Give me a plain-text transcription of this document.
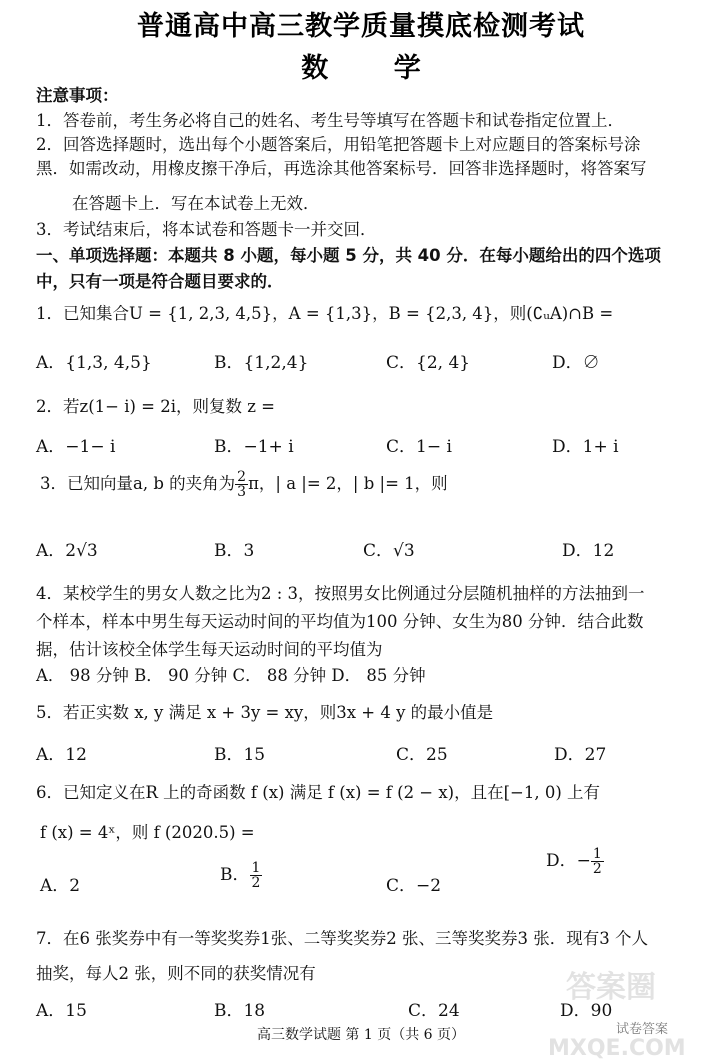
普通高中高三教学质量摸底检测考试
数 学
注意事项：
1．答卷前，考生务必将自己的姓名、考生号等填写在答题卡和试卷指定位置上．
2．回答选择题时，选出每个小题答案后，用铅笔把答题卡上对应题目的答案标号涂
黑．如需改动，用橡皮擦干净后，再选涂其他答案标号．回答非选择题时，将答案写
在答题卡上．写在本试卷上无效．
3．考试结束后，将本试卷和答题卡一并交回．
一、单项选择题：本题共 8 小题，每小题 5 分，共 40 分．在每小题给出的四个选项
中，只有一项是符合题目要求的．
1．已知集合U = {1, 2,3, 4,5}，A = {1,3}，B = {2,3, 4}，则(∁ᵤA)∩B =
A．{1,3, 4,5}	B．{1,2,4}	C．{2, 4}	D．∅
2．若z(1− i) = 2i，则复数 z =
A．−1− i	B．−1+ i	C．1− i	D．1+ i
3．已知向量a, b 的夹角为 $\frac{2}{3}$ π，| a |= 2，| b |= 1，则
A．2√3	B．3	C．√3	D．12
4．某校学生的男女人数之比为2 : 3，按照男女比例通过分层随机抽样的方法抽到一
个样本，样本中男生每天运动时间的平均值为100 分钟、女生为80 分钟．结合此数
据，估计该校全体学生每天运动时间的平均值为
A． 98 分钟 B． 90 分钟 C． 88 分钟 D． 85 分钟
5．若正实数 x, y 满足 x + 3y = xy，则3x + 4 y 的最小值是
A．12	B．15	C．25	D．27
6．已知定义在R 上的奇函数 f (x) 满足 f (x) = f (2 − x)，且在[−1, 0) 上有
f (x) = 4ˣ，则 f (2020.5) =
A．2
B． $\frac{1}{2}$	C．−2
D．− $\frac{1}{2}$
7．在6 张奖券中有一等奖奖券1张、二等奖奖券2 张、三等奖奖券3 张．现有3 个人
抽奖，每人2 张，则不同的获奖情况有
A．15	B．18	C．24	D．90
答案圈
MXQE.COM
试卷答案
高三数学试题 第 1 页（共 6 页）
